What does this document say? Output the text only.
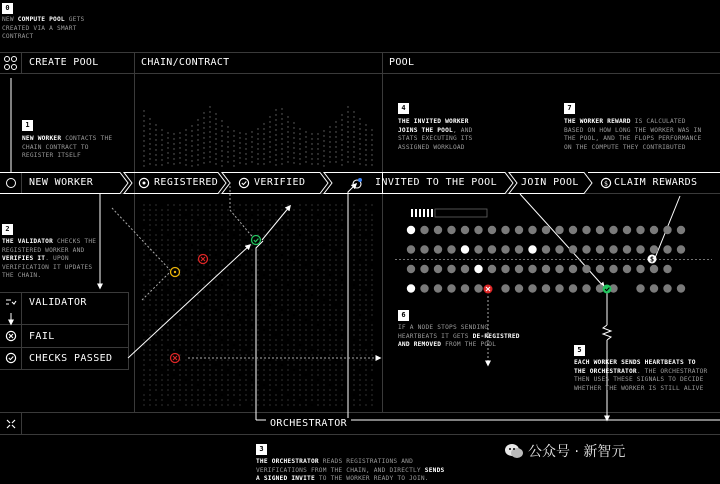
$
CREATE POOL	CHAIN/CONTRACT	POOL
0
NEW COMPUTE POOL GETS
CREATED VIA A SMART
CONTRACT
1
NEW WORKER CONTACTS THE
CHAIN CONTRACT TO
REGISTER ITSELF
2
THE VALIDATOR CHECKS THE
REGISTERED WORKER AND
VERIFIES IT. UPON
VERIFICATION IT UPDATES
THE CHAIN.
3
THE ORCHESTRATOR READS REGISTRATIONS AND
VERIFICATIONS FROM THE CHAIN, AND DIRECTLY SENDS
A SIGNED INVITE TO THE WORKER READY TO JOIN.
4
THE INVITED WORKER
JOINS THE POOL, AND
STATS EXECUTING ITS
ASSIGNED WORKLOAD
5
EACH WORKER SENDS HEARTBEATS TO
THE ORCHESTRATOR. THE ORCHESTRATOR
THEN USES THESE SIGNALS TO DECIDE
WHETHER THE WORKER IS STILL ALIVE
6
IF A NODE STOPS SENDING
HEARTBEATS IT GETS DE-REGISTRED
AND REMOVED FROM THE POOL
7
THE WORKER REWARD IS CALCULATED
BASED ON HOW LONG THE WORKER WAS IN
THE POOL, AND THE FLOPS PERFORMANCE
ON THE COMPUTE THEY CONTRIBUTED
NEW WORKER	REGISTERED	VERIFIED	INVITED TO THE POOL JOIN POOL	$ CLAIM REWARDS
VALIDATOR
FAIL
CHECKS PASSED
ORCHESTRATOR
公众号 · 新智元
